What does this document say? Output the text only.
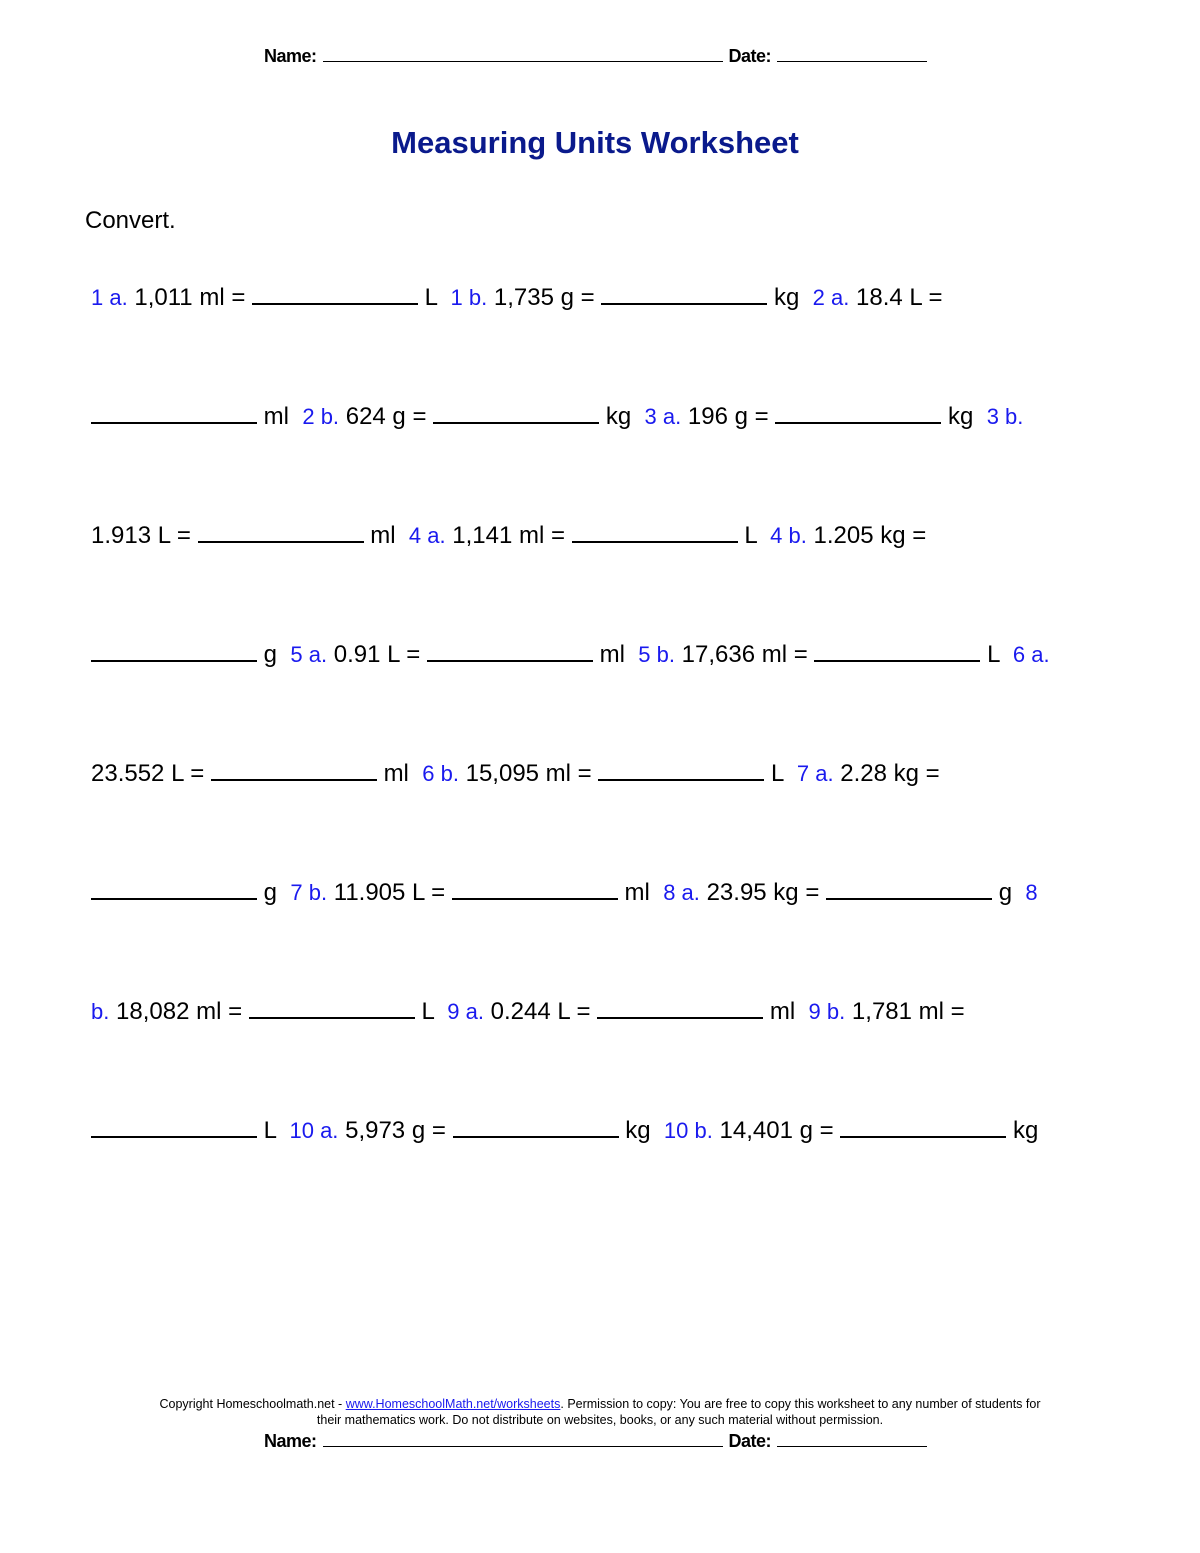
Name:	Date:
Measuring Units Worksheet
Convert.
1 a. 1,011 ml =	L 1 b. 1,735 g =	kg 2 a. 18.4 L =  ml 2 b. 624 g =	kg 3 a. 196 g =	kg 3 b. 1.913 L =	ml 4 a. 1,141 ml =	L 4 b. 1.205 kg =  g 5 a. 0.91 L =	ml 5 b. 17,636 ml =	L 6 a. 23.552 L =	ml 6 b. 15,095 ml =	L 7 a. 2.28 kg =  g 7 b. 11.905 L =	ml 8 a. 23.95 kg =	g 8 b. 18,082 ml =	L 9 a. 0.244 L =	ml 9 b. 1,781 ml =  L 10 a. 5,973 g =	kg 10 b. 14,401 g =	kg
Copyright Homeschoolmath.net - www.HomeschoolMath.net/worksheets. Permission to copy: You are free to copy this worksheet to any number of students for their mathematics work. Do not distribute on websites, books, or any such material without permission.
Name:	Date:
